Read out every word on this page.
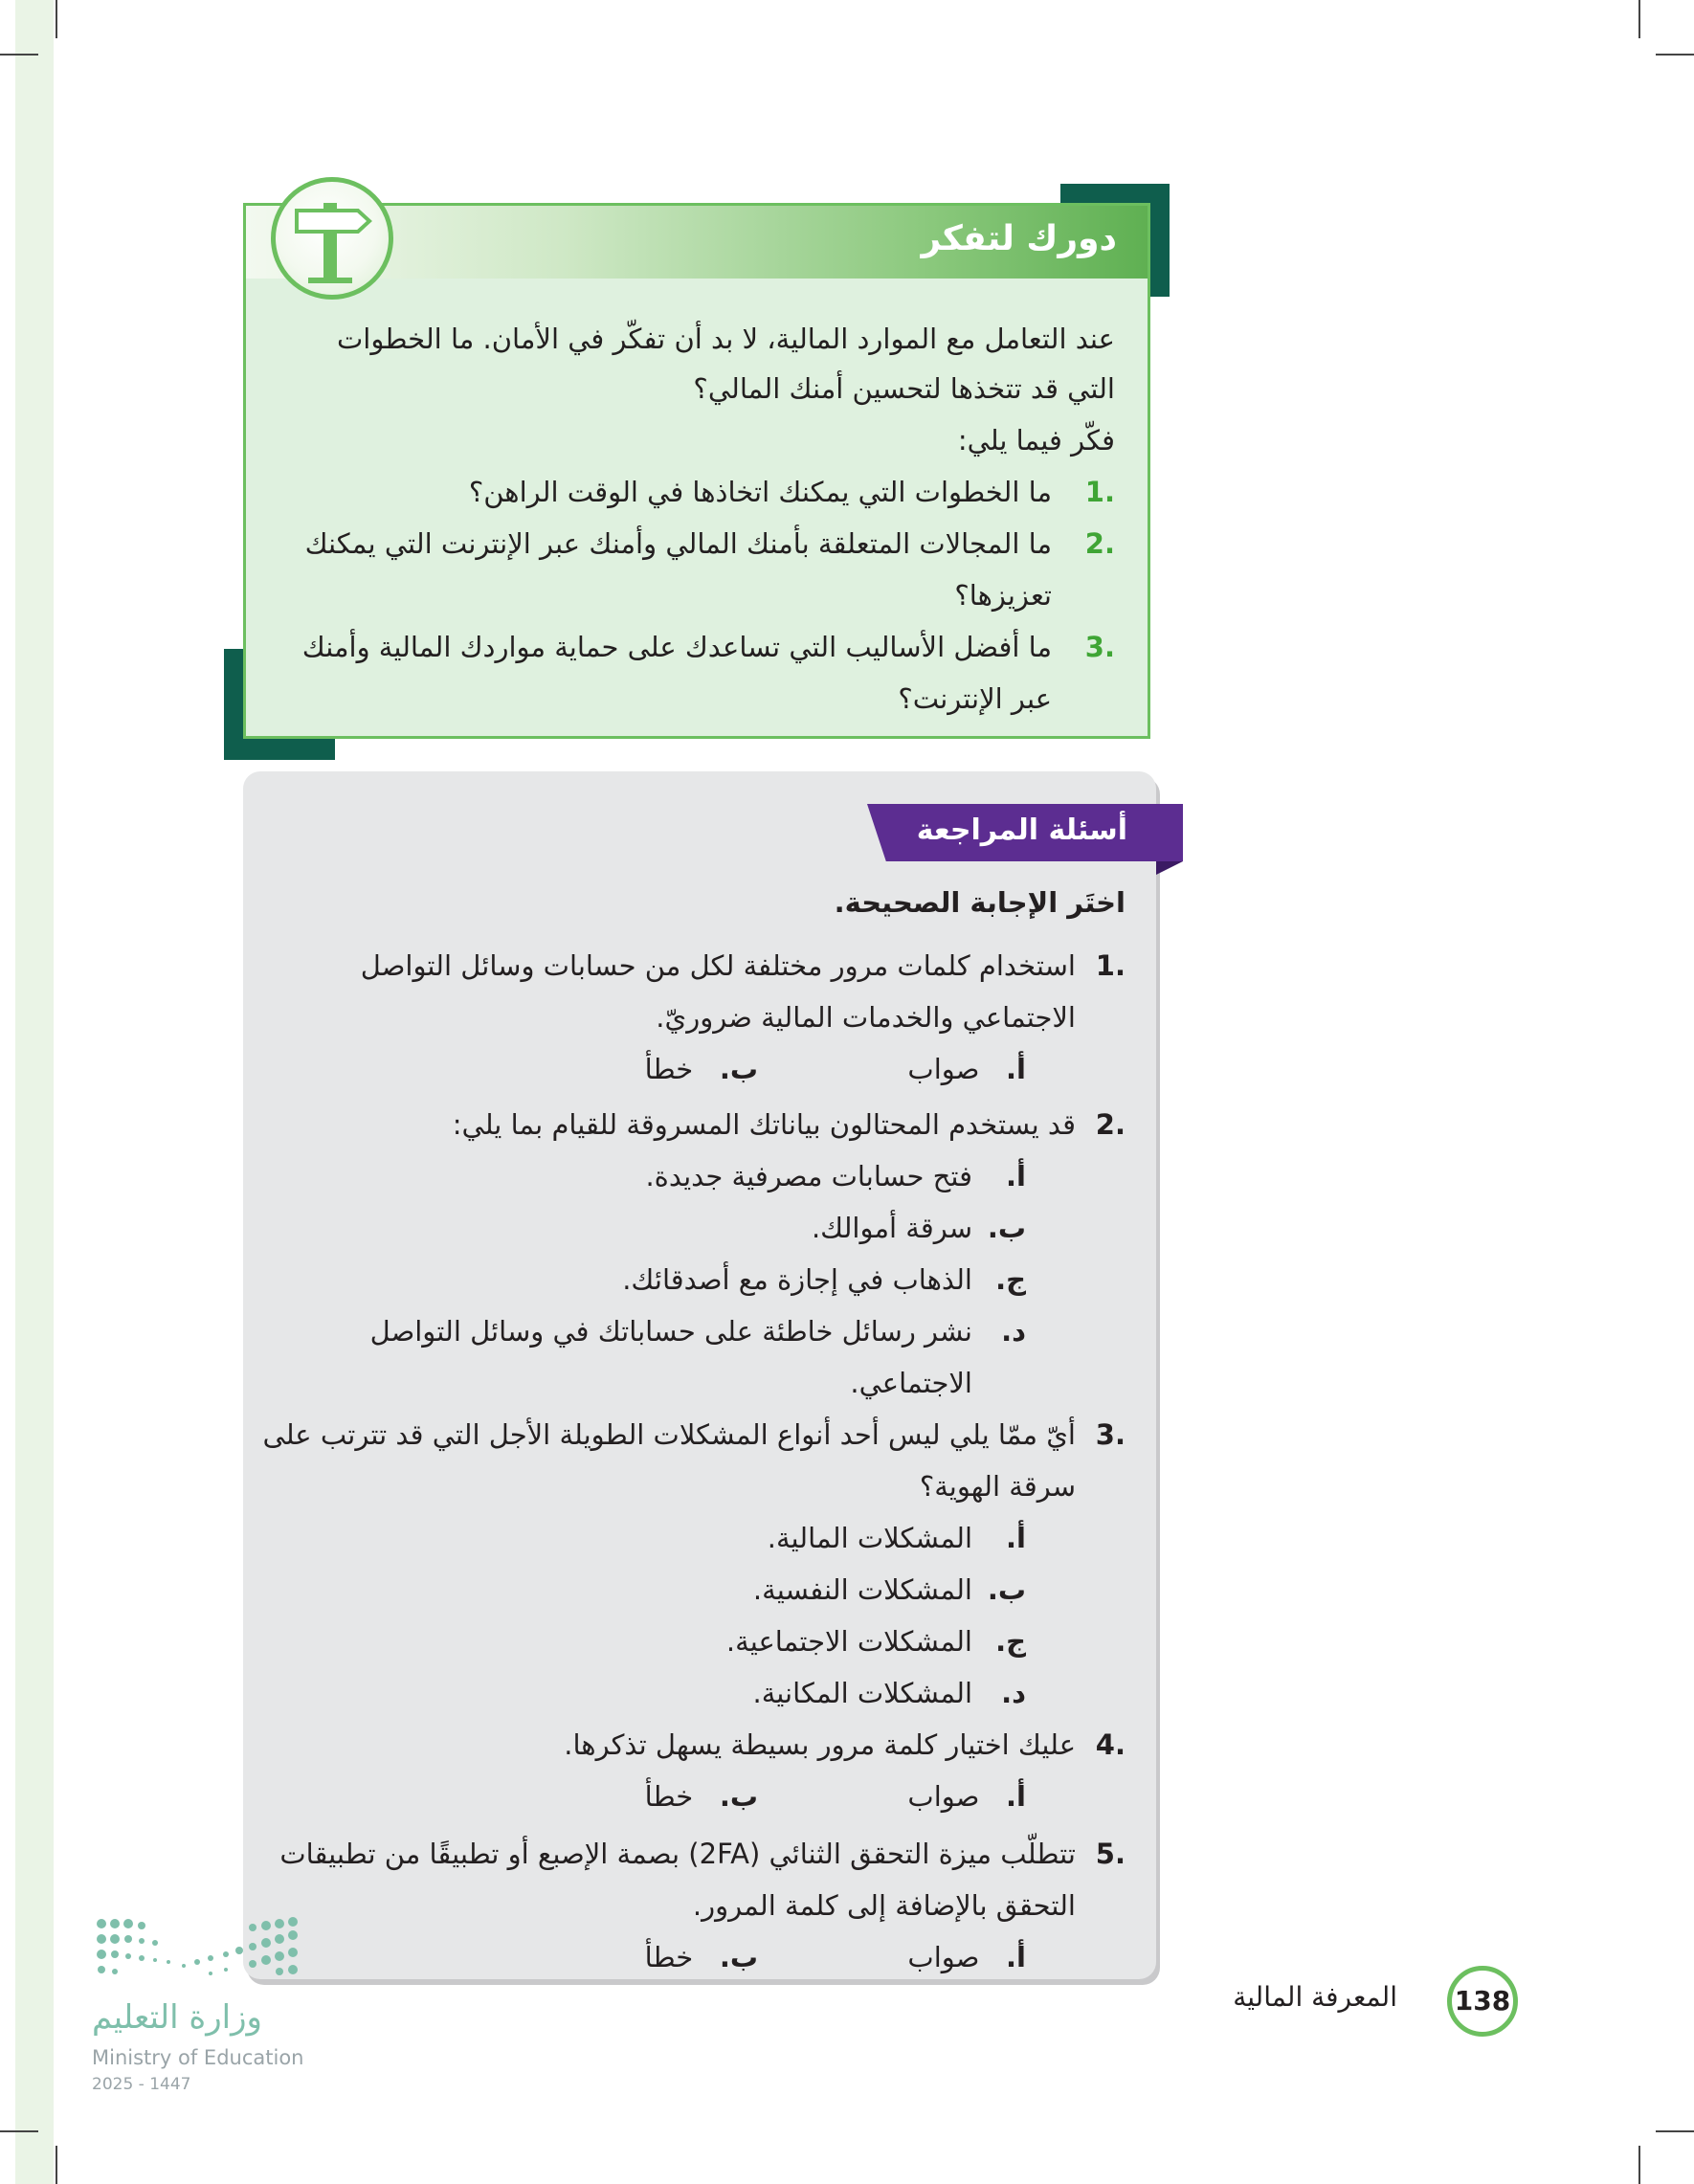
دورك لتفكر
عند التعامل مع الموارد المالية، لا بد أن تفكّر في الأمان. ما الخطوات
التي قد تتخذها لتحسين أمنك المالي؟
فكّر فيما يلي:
.1
ما الخطوات التي يمكنك اتخاذها في الوقت الراهن؟
.2
ما المجالات المتعلقة بأمنك المالي وأمنك عبر الإنترنت التي يمكنك تعزيزها؟
.3
ما أفضل الأساليب التي تساعدك على حماية مواردك المالية وأمنك عبر الإنترنت؟
أسئلة المراجعة
اختَر الإجابة الصحيحة.
.1
استخدام كلمات مرور مختلفة لكل من حسابات وسائل التواصل الاجتماعي والخدمات المالية ضروريّ.
أ.   صواب
ب.   خطأ
.2
قد يستخدم المحتالون بياناتك المسروقة للقيام بما يلي:
أ.
فتح حسابات مصرفية جديدة.
ب.
سرقة أموالك.
ج.
الذهاب في إجازة مع أصدقائك.
د.
نشر رسائل خاطئة على حساباتك في وسائل التواصل الاجتماعي.
.3
أيّ ممّا يلي ليس أحد أنواع المشكلات الطويلة الأجل التي قد تترتب على سرقة الهوية؟
أ.
المشكلات المالية.
ب.
المشكلات النفسية.
ج.
المشكلات الاجتماعية.
د.
المشكلات المكانية.
.4
عليك اختيار كلمة مرور بسيطة يسهل تذكرها.
أ.   صواب
ب.   خطأ
.5
تتطلّب ميزة التحقق الثنائي (2FA) بصمة الإصبع أو تطبيقًا من تطبيقات التحقق بالإضافة إلى كلمة المرور.
أ.   صواب
ب.   خطأ
138
المعرفة المالية
وزارة التعليم
Ministry of Education
2025 - 1447
